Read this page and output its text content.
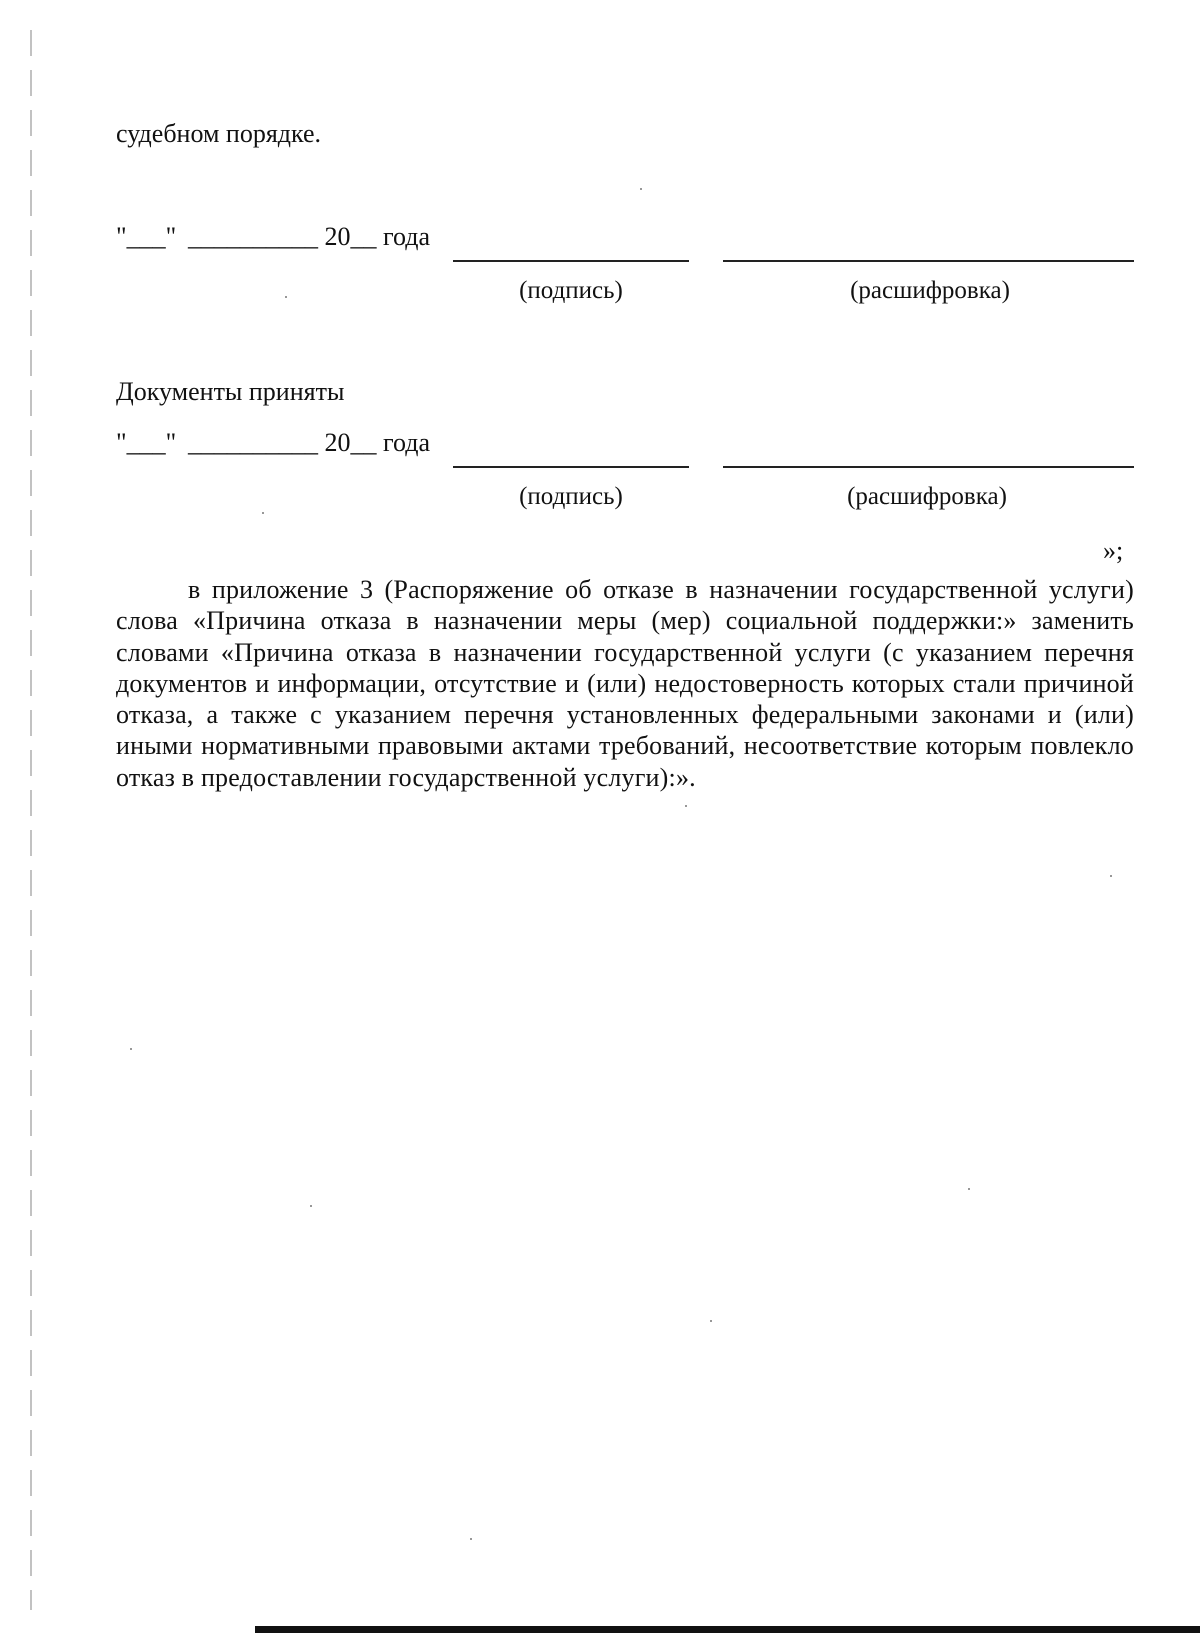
судебном порядке.
"___" __________ 20__ года
(подпись)	(расшифровка)
Документы приняты
"___" __________ 20__ года
(подпись)	(расшифровка)
»;
в приложение 3 (Распоряжение об отказе в назначении государственной услуги) слова «Причина отказа в назначении меры (мер) социальной поддержки:» заменить словами «Причина отказа в назначении государственной услуги (с указанием перечня документов и информации, отсутствие и (или) недостоверность которых стали причиной отказа, а также с указанием перечня установленных федеральными законами и (или) иными нормативными правовыми актами требований, несоответствие которым повлекло отказ в предоставлении государственной услуги):».
